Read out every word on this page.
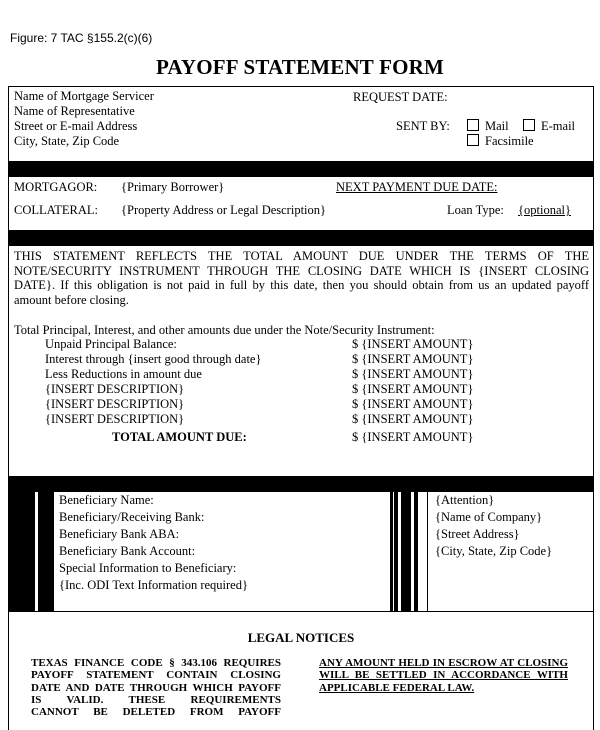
Figure: 7 TAC §155.2(c)(6)
PAYOFF STATEMENT FORM
Name of Mortgage Servicer
Name of Representative
Street or E-mail Address
City, State, Zip Code
REQUEST DATE:
SENT BY:	Mail	E-mail
Facsimile
MORTGAGOR: {Primary Borrower}	NEXT PAYMENT DUE DATE:
COLLATERAL: {Property Address or Legal Description}	Loan Type: {optional}
THIS STATEMENT REFLECTS THE TOTAL AMOUNT DUE UNDER THE TERMS OF THE
NOTE/SECURITY INSTRUMENT THROUGH THE CLOSING DATE WHICH IS {INSERT CLOSING
DATE}. If this obligation is not paid in full by this date, then you should obtain from us an updated payoff
amount before closing.
Total Principal, Interest, and other amounts due under the Note/Security Instrument:
Unpaid Principal Balance:	$ {INSERT AMOUNT}
Interest through {insert good through date}	$ {INSERT AMOUNT}
Less Reductions in amount due	$ {INSERT AMOUNT}
{INSERT DESCRIPTION}	$ {INSERT AMOUNT}
{INSERT DESCRIPTION}	$ {INSERT AMOUNT}
{INSERT DESCRIPTION}	$ {INSERT AMOUNT}
TOTAL AMOUNT DUE:	$ {INSERT AMOUNT}
Beneficiary Name:
Beneficiary/Receiving Bank:
Beneficiary Bank ABA:
Beneficiary Bank Account:
Special Information to Beneficiary:
{Inc. ODI Text Information required}
{Attention}
{Name of Company}
{Street Address}
{City, State, Zip Code}
LEGAL NOTICES
TEXAS FINANCE CODE § 343.106 REQUIRES
PAYOFF STATEMENT CONTAIN CLOSING
DATE AND DATE THROUGH WHICH PAYOFF
IS VALID. THESE REQUIREMENTS
CANNOT BE DELETED FROM PAYOFF
ANY AMOUNT HELD IN ESCROW AT CLOSING
WILL BE SETTLED IN ACCORDANCE WITH
APPLICABLE FEDERAL LAW.
